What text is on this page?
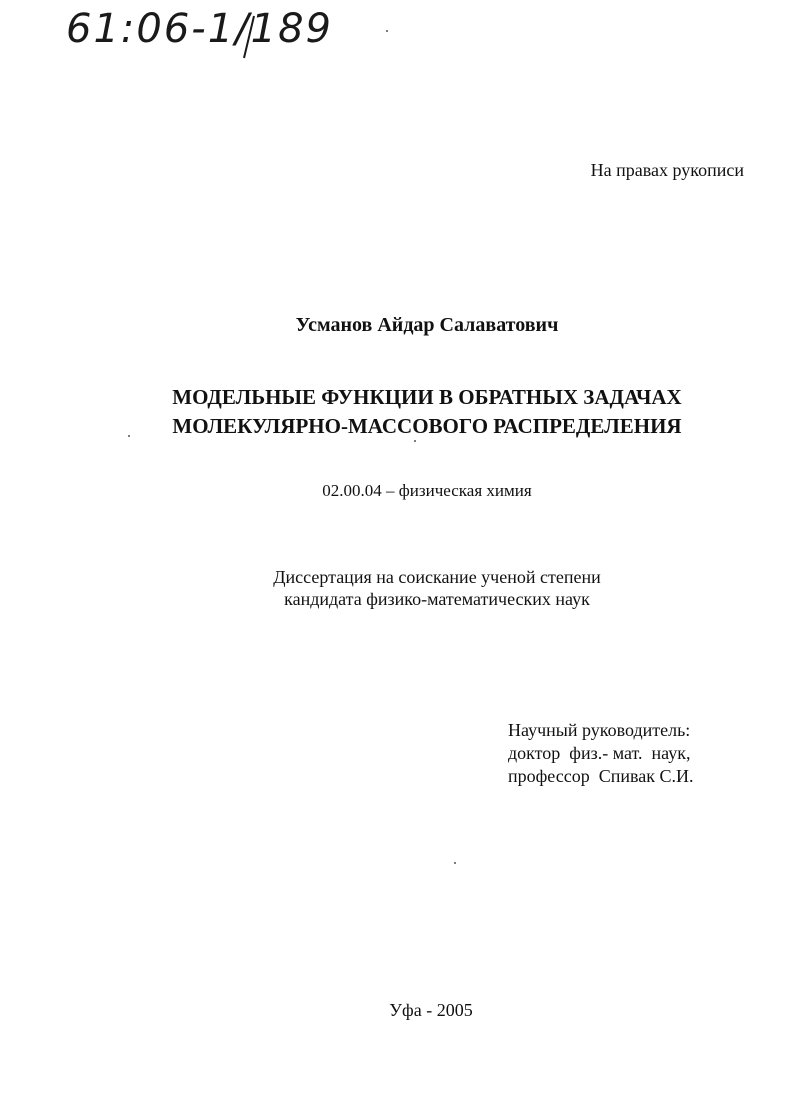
61:06-1/189
На правах рукописи
Усманов Айдар Салаватович
МОДЕЛЬНЫЕ ФУНКЦИИ В ОБРАТНЫХ ЗАДАЧАХ
МОЛЕКУЛЯРНО-МАССОВОГО РАСПРЕДЕЛЕНИЯ
02.00.04 – физическая химия
Диссертация на соискание ученой степени
кандидата физико-математических наук
Научный руководитель:
доктор  физ.- мат.  наук,
профессор  Спивак С.И.
Уфа - 2005
